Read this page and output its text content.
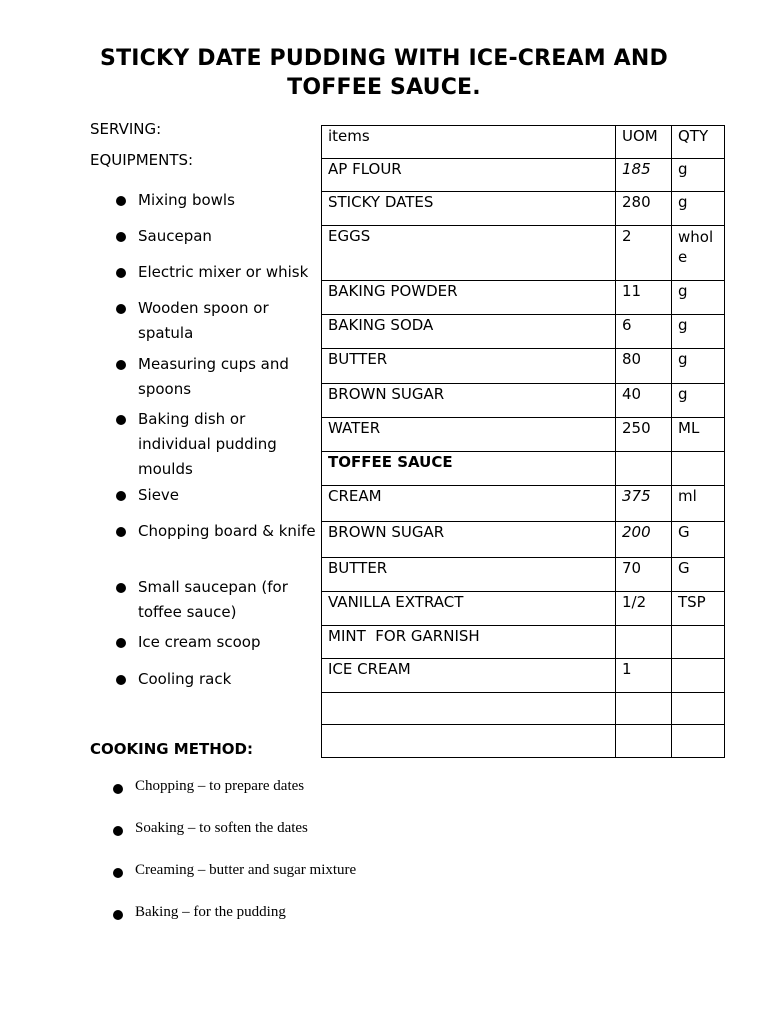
STICKY DATE PUDDING WITH ICE-CREAM AND TOFFEE SAUCE.
SERVING:
EQUIPMENTS:
Mixing bowls
Saucepan
Electric mixer or whisk
Wooden spoon or spatula
Measuring cups and spoons
Baking dish or individual pudding moulds
Sieve
Chopping board & knife
Small saucepan (for toffee sauce)
Ice cream scoop
Cooling rack
items	UOM	QTY
AP FLOUR	185	g
STICKY DATES	280	g
EGGS	2	whole
BAKING POWDER	11	g
BAKING SODA	6	g
BUTTER	80	g
BROWN SUGAR	40	g
WATER	250	ML
TOFFEE SAUCE		
CREAM	375	ml
BROWN SUGAR	200	G
BUTTER	70	G
VANILLA EXTRACT	1/2	TSP
MINT  FOR GARNISH		
ICE CREAM	1	

COOKING METHOD:
Chopping – to prepare dates
Soaking – to soften the dates
Creaming – butter and sugar mixture
Baking – for the pudding
